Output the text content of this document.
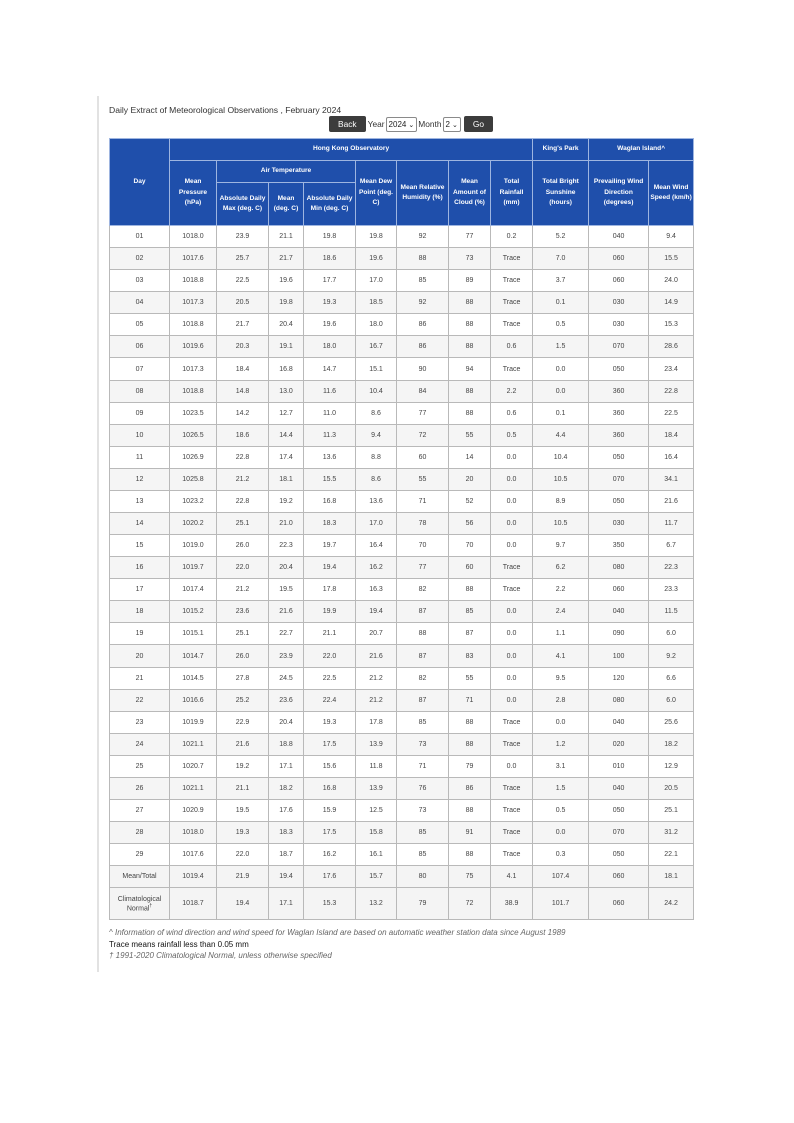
Daily Extract of Meteorological Observations , February 2024
Back	Year 2024 ⌄ Month 2 ⌄	Go
Day	Hong Kong Observatory								King's Park	Waglan Island^	
	Mean Pressure (hPa)	Air Temperature			Mean Dew Point (deg. C)	Mean Relative Humidity (%)	Mean Amount of Cloud (%)	Total Rainfall (mm)	Total Bright Sunshine (hours)	Prevailing Wind Direction (degrees)	Mean Wind Speed (km/h)
		Absolute Daily Max (deg. C)	Mean (deg. C)	Absolute Daily Min (deg. C)							
01	1018.0	23.9	21.1	19.8	19.8	92	77	0.2	5.2	040	9.4
02	1017.6	25.7	21.7	18.6	19.6	88	73	Trace	7.0	060	15.5
03	1018.8	22.5	19.6	17.7	17.0	85	89	Trace	3.7	060	24.0
04	1017.3	20.5	19.8	19.3	18.5	92	88	Trace	0.1	030	14.9
05	1018.8	21.7	20.4	19.6	18.0	86	88	Trace	0.5	030	15.3
06	1019.6	20.3	19.1	18.0	16.7	86	88	0.6	1.5	070	28.6
07	1017.3	18.4	16.8	14.7	15.1	90	94	Trace	0.0	050	23.4
08	1018.8	14.8	13.0	11.6	10.4	84	88	2.2	0.0	360	22.8
09	1023.5	14.2	12.7	11.0	8.6	77	88	0.6	0.1	360	22.5
10	1026.5	18.6	14.4	11.3	9.4	72	55	0.5	4.4	360	18.4
11	1026.9	22.8	17.4	13.6	8.8	60	14	0.0	10.4	050	16.4
12	1025.8	21.2	18.1	15.5	8.6	55	20	0.0	10.5	070	34.1
13	1023.2	22.8	19.2	16.8	13.6	71	52	0.0	8.9	050	21.6
14	1020.2	25.1	21.0	18.3	17.0	78	56	0.0	10.5	030	11.7
15	1019.0	26.0	22.3	19.7	16.4	70	70	0.0	9.7	350	6.7
16	1019.7	22.0	20.4	19.4	16.2	77	60	Trace	6.2	080	22.3
17	1017.4	21.2	19.5	17.8	16.3	82	88	Trace	2.2	060	23.3
18	1015.2	23.6	21.6	19.9	19.4	87	85	0.0	2.4	040	11.5
19	1015.1	25.1	22.7	21.1	20.7	88	87	0.0	1.1	090	6.0
20	1014.7	26.0	23.9	22.0	21.6	87	83	0.0	4.1	100	9.2
21	1014.5	27.8	24.5	22.5	21.2	82	55	0.0	9.5	120	6.6
22	1016.6	25.2	23.6	22.4	21.2	87	71	0.0	2.8	080	6.0
23	1019.9	22.9	20.4	19.3	17.8	85	88	Trace	0.0	040	25.6
24	1021.1	21.6	18.8	17.5	13.9	73	88	Trace	1.2	020	18.2
25	1020.7	19.2	17.1	15.6	11.8	71	79	0.0	3.1	010	12.9
26	1021.1	21.1	18.2	16.8	13.9	76	86	Trace	1.5	040	20.5
27	1020.9	19.5	17.6	15.9	12.5	73	88	Trace	0.5	050	25.1
28	1018.0	19.3	18.3	17.5	15.8	85	91	Trace	0.0	070	31.2
29	1017.6	22.0	18.7	16.2	16.1	85	88	Trace	0.3	050	22.1
Mean/Total	1019.4	21.9	19.4	17.6	15.7	80	75	4.1	107.4	060	18.1
Climatological Normal†	1018.7	19.4	17.1	15.3	13.2	79	72	38.9	101.7	060	24.2
^ Information of wind direction and wind speed for Waglan Island are based on automatic weather station data since August 1989
Trace means rainfall less than 0.05 mm
† 1991-2020 Climatological Normal, unless otherwise specified
